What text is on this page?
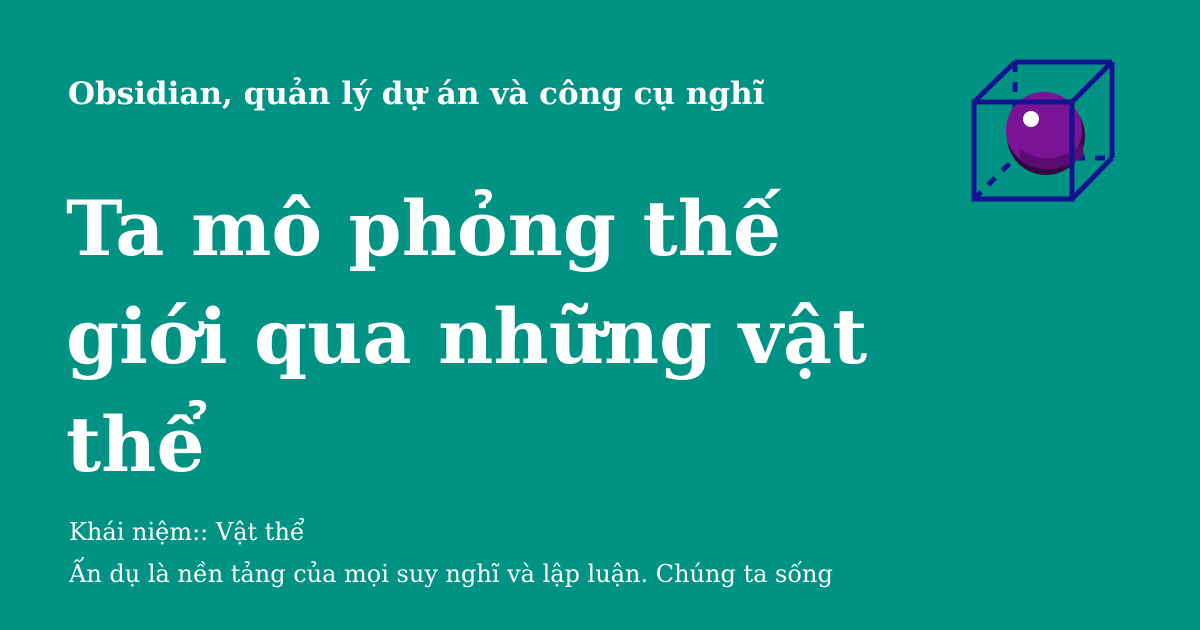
Obsidian, quản lý dự án và công cụ nghĩ
Ta mô phỏng thế giới qua những vật thể
Khái niệm:: Vật thể
Ẩn dụ là nền tảng của mọi suy nghĩ và lập luận. Chúng ta sống
